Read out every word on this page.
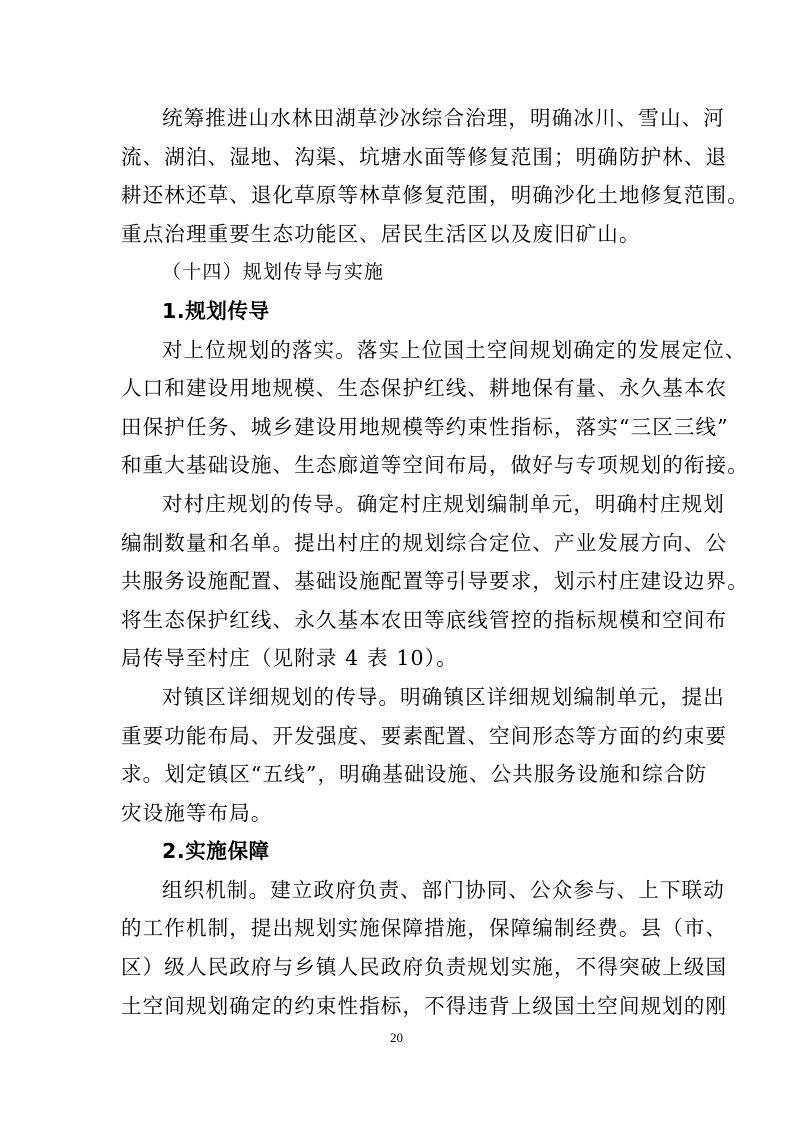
统筹推进山水林田湖草沙冰综合治理，明确冰川、雪山、河
流、湖泊、湿地、沟渠、坑塘水面等修复范围；明确防护林、退
耕还林还草、退化草原等林草修复范围，明确沙化土地修复范围。
重点治理重要生态功能区、居民生活区以及废旧矿山。
（十四）规划传导与实施
1.规划传导
对上位规划的落实。落实上位国土空间规划确定的发展定位、
人口和建设用地规模、生态保护红线、耕地保有量、永久基本农
田保护任务、城乡建设用地规模等约束性指标，落实“三区三线”
和重大基础设施、生态廊道等空间布局，做好与专项规划的衔接。
对村庄规划的传导。确定村庄规划编制单元，明确村庄规划
编制数量和名单。提出村庄的规划综合定位、产业发展方向、公
共服务设施配置、基础设施配置等引导要求，划示村庄建设边界。
将生态保护红线、永久基本农田等底线管控的指标规模和空间布
局传导至村庄（见附录 4 表 10）。
对镇区详细规划的传导。明确镇区详细规划编制单元，提出
重要功能布局、开发强度、要素配置、空间形态等方面的约束要
求。划定镇区“五线”，明确基础设施、公共服务设施和综合防
灾设施等布局。
2.实施保障
组织机制。建立政府负责、部门协同、公众参与、上下联动
的工作机制，提出规划实施保障措施，保障编制经费。县（市、
区）级人民政府与乡镇人民政府负责规划实施，不得突破上级国
土空间规划确定的约束性指标，不得违背上级国土空间规划的刚
20
